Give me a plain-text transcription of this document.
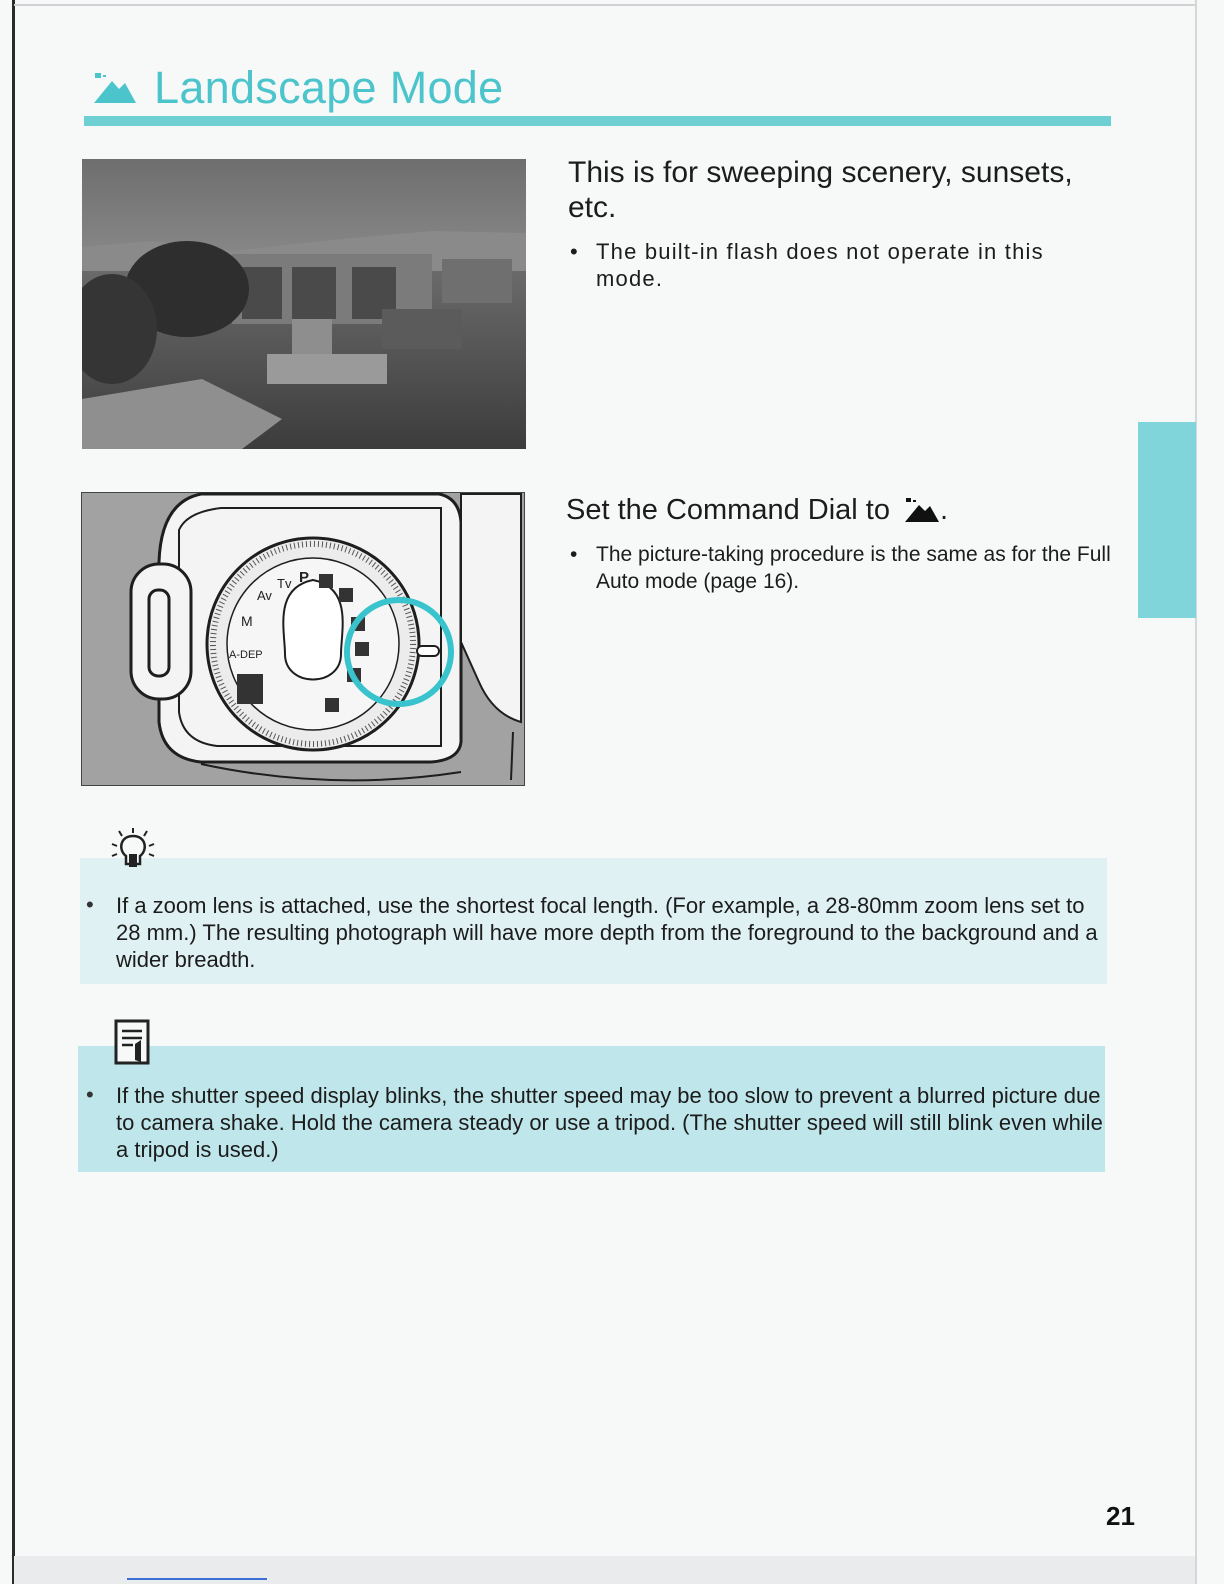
Landscape Mode
P
Tv
Av
M
A-DEP
This is for sweeping scenery, sunsets, etc.
• The built-in flash does not operate in this mode.
Set the Command Dial to .
• The picture-taking procedure is the same as for the Full Auto mode (page 16).
• If a zoom lens is attached, use the shortest focal length. (For example, a 28-80mm zoom lens set to 28 mm.) The resulting photograph will have more depth from the foreground to the background and a wider breadth.
• If the shutter speed display blinks, the shutter speed may be too slow to prevent a blurred picture due to camera shake. Hold the camera steady or use a tripod. (The shutter speed will still blink even while a tripod is used.)
21
